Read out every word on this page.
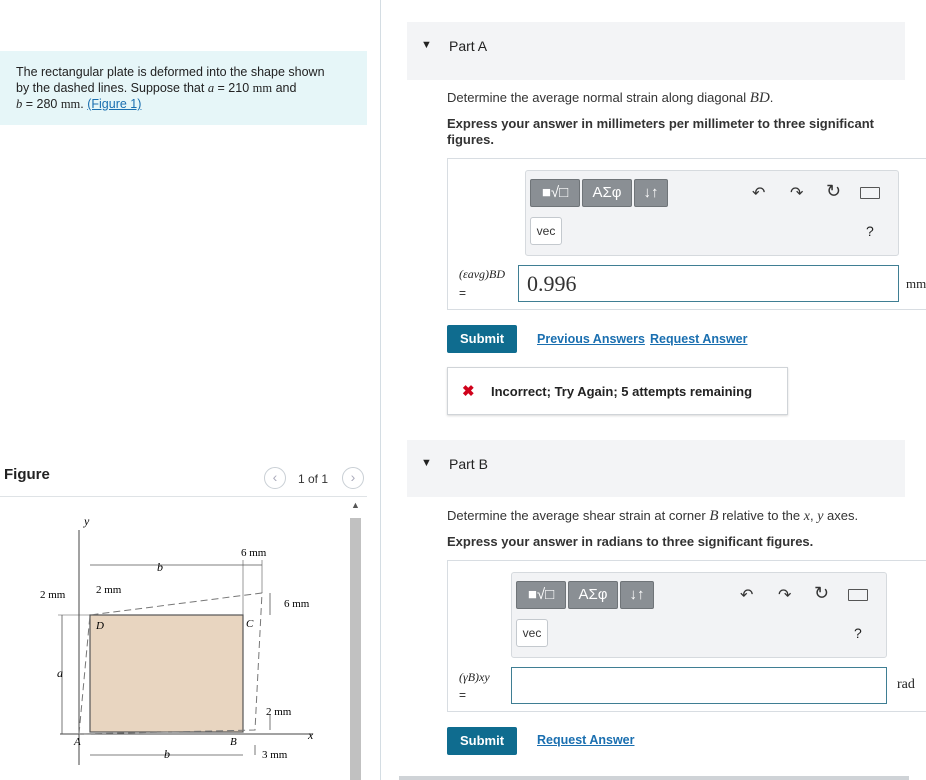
The rectangular plate is deformed into the shape shown
by the dashed lines. Suppose that a = 210 mm and
b = 280 mm. (Figure 1)
Figure	‹	1 of 1	›
y
x
b
b
a
6 mm
2 mm	2 mm
6 mm
2 mm
3 mm
A	B
C
D
▲
▼ Part A
Determine the average normal strain along diagonal BD.
Express your answer in millimeters per millimeter to three significant figures.
■√□	ΑΣφ	↓↑
vec
↶ ↷ ↻
?
(εavg)BD
=	0.996	mm
Submit	Previous Answers Request Answer
✖ Incorrect; Try Again; 5 attempts remaining
▼ Part B
Determine the average shear strain at corner B relative to the x, y axes.
Express your answer in radians to three significant figures.
■√□	ΑΣφ	↓↑
vec
↶ ↷ ↻
?
(γB)xy
=
rad
Submit	Request Answer
